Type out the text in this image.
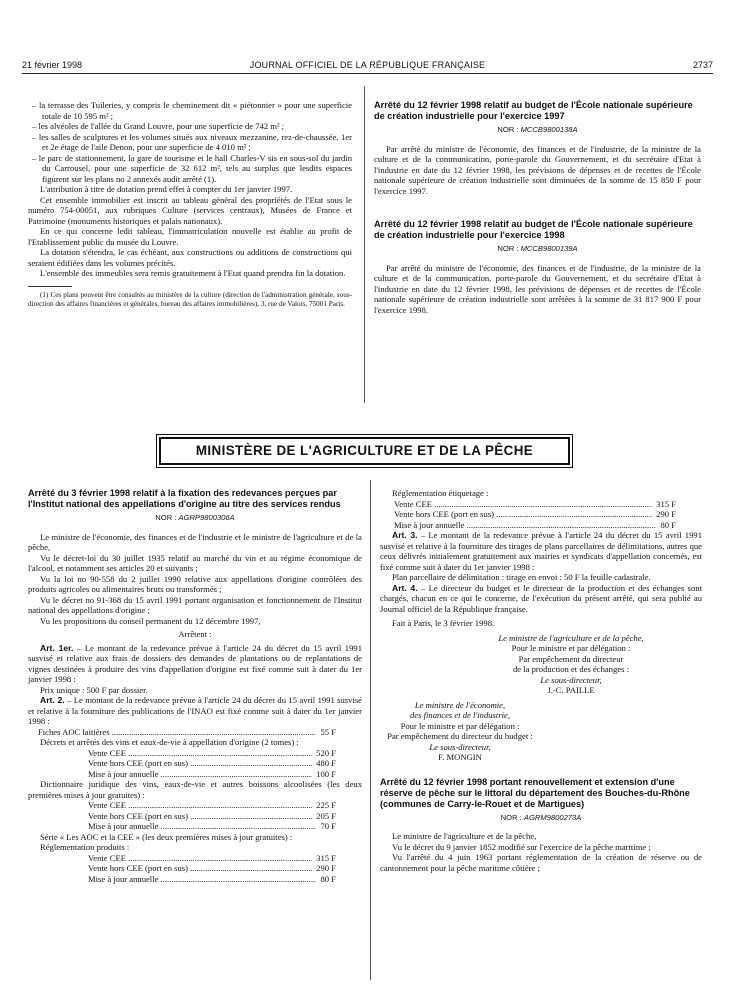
21 février 1998	JOURNAL OFFICIEL DE LA RÉPUBLIQUE FRANÇAISE	2737
– la terrasse des Tuileries, y compris le cheminement dit « piétonnier » pour une superficie totale de 10 595 m² ;
– les alvéoles de l'allée du Grand Louvre, pour une superficie de 742 m² ;
– les salles de sculptures et les volumes situés aux niveaux mezzanine, rez-de-chaussée, 1er et 2e étage de l'aile Denon, pour une superficie de 4 010 m² ;
– le parc de stationnement, la gare de tourisme et le hall Charles-V sis en sous-sol du jardin du Carrousel, pour une superficie de 32 612 m², tels au surplus que lesdits espaces figurent sur les plans no 2 annexés audit arrêté (1).

L'attribution à titre de dotation prend effet à compter du 1er janvier 1997.

Cet ensemble immobilier est inscrit au tableau général des propriétés de l'Etat sous le numéro 754-00051, aux rubriques Culture (services centraux), Musées de France et Patrimoine (monuments historiques et palais nationaux).

En ce qui concerne ledit tableau, l'immatriculation nouvelle est établie au profit de l'Etablissement public du musée du Louvre.

La dotation s'étendra, le cas échéant, aux constructions ou additions de constructions qui seraient édifiées dans les volumes précités.

L'ensemble des immeubles sera remis gratuitement à l'Etat quand prendra fin la dotation.

(1) Ces plans peuvent être consultés au ministère de la culture (direction de l'administration générale, sous-direction des affaires financières et générales, bureau des affaires immobilières), 3, rue de Valois, 75001 Paris.

Arrêté du 12 février 1998 relatif au budget de l'École nationale supérieure de création industrielle pour l'exercice 1997
NOR : MCCB9800138A

Par arrêté du ministre de l'économie, des finances et de l'industrie, de la ministre de la culture et de la communication, porte-parole du Gouvernement, et du secrétaire d'Etat à l'industrie en date du 12 février 1998, les prévisions de dépenses et de recettes de l'École nationale supérieure de création industrielle sont diminuées de la somme de 15 850 F pour l'exercice 1997.

Arrêté du 12 février 1998 relatif au budget de l'École nationale supérieure de création industrielle pour l'exercice 1998
NOR : MCCB9800139A

Par arrêté du ministre de l'économie, des finances et de l'industrie, de la ministre de la culture et de la communication, porte-parole du Gouvernement, et du secrétaire d'Etat à l'industrie en date du 12 février 1998, les prévisions de dépenses et de recettes de l'École nationale supérieure de création industrielle sont arrêtées à la somme de 31 817 900 F pour l'exercice 1998.

MINISTÈRE DE L'AGRICULTURE ET DE LA PÊCHE
Arrêté du 3 février 1998 relatif à la fixation des redevances perçues par l'Institut national des appellations d'origine au titre des services rendus
NOR : AGRP9800306A

Le ministre de l'économie, des finances et de l'industrie et le ministre de l'agriculture et de la pêche,

Vu le décret-loi du 30 juillet 1935 relatif au marché du vin et au régime économique de l'alcool, et notamment ses articles 20 et suivants ;

Vu la loi no 90-558 du 2 juillet 1990 relative aux appellations d'origine contrôlées des produits agricoles ou alimentaires bruts ou transformés ;

Vu le décret no 91-368 du 15 avril 1991 portant organisation et fonctionnement de l'Institut national des appellations d'origine ;

Vu les propositions du conseil permanent du 12 décembre 1997,

Arrêtent :

Art. 1er. – Le montant de la redevance prévue à l'article 24 du décret du 15 avril 1991 susvisé et relative aux frais de dossiers des demandes de plantations ou de replantations de vignes destinées à produire des vins d'appellation d'origine est fixé comme suit à dater du 1er janvier 1998 :

Prix unique : 500 F par dossier.

Art. 2. – Le montant de la redevance prévue à l'article 24 du décret du 15 avril 1991 susvisé et relative à la fourniture des publications de l'INAO est fixé comme suit à dater du 1er janvier 1998 :

Fiches AOC laitières .....	55 F

Décrets et arrêtés des vins et eaux-de-vie à appellation d'origine (2 tomes) :

Vente CEE .....	520 F
Vente hors CEE (port en sus) .....	480 F
Mise à jour annuelle .....	100 F

Dictionnaire juridique des vins, eaux-de-vie et autres boissons alcoolisées (les deux premières mises à jour gratuites) :

Vente CEE .....	225 F
Vente hors CEE (port en sus) .....	205 F
Mise à jour annuelle .....	70 F

Série « Les AOC et la CEE » (les deux premières mises à jour gratuites) :

Réglementation produits :

Vente CEE .....	315 F
Vente hors CEE (port en sus) .....	290 F
Mise à jour annuelle .....	80 F

Réglementation étiquetage :

Vente CEE .....	315 F
Vente hors CEE (port en sus) .....	290 F
Mise à jour annuelle .....	80 F

Art. 3. – Le montant de la redevance prévue à l'article 24 du décret du 15 avril 1991 susvisé et relative à la fourniture des tirages de plans parcellaires de délimitations, autres que ceux délivrés initialement gratuitement aux mairies et syndicats d'appellation concernés, est fixé comme suit à dater du 1er janvier 1998 :

Plan parcellaire de délimitation : tirage en envoi : 50 F la feuille cadastrale.

Art. 4. – Le directeur du budget et le directeur de la production et des échanges sont chargés, chacun en ce qui le concerne, de l'exécution du présent arrêté, qui sera publié au Journal officiel de la République française.

Fait à Paris, le 3 février 1998.

Le ministre de l'agriculture et de la pêche,

Pour le ministre et par délégation :

Par empêchement du directeur

de la production et des échanges :

Le sous-directeur,

J.-C. PAILLE

Le ministre de l'économie,

des finances et de l'industrie,

Pour le ministre et par délégation :

Par empêchement du directeur du budget :

Le sous-directeur,

F. MONGIN

Arrêté du 12 février 1998 portant renouvellement et extension d'une réserve de pêche sur le littoral du département des Bouches-du-Rhône (communes de Carry-le-Rouet et de Martigues)
NOR : AGRM9800273A

Le ministre de l'agriculture et de la pêche,

Vu le décret du 9 janvier 1852 modifié sur l'exercice de la pêche maritime ;

Vu l'arrêté du 4 juin 1963 portant réglementation de la création de réserve ou de cantonnement pour la pêche maritime côtière ;
